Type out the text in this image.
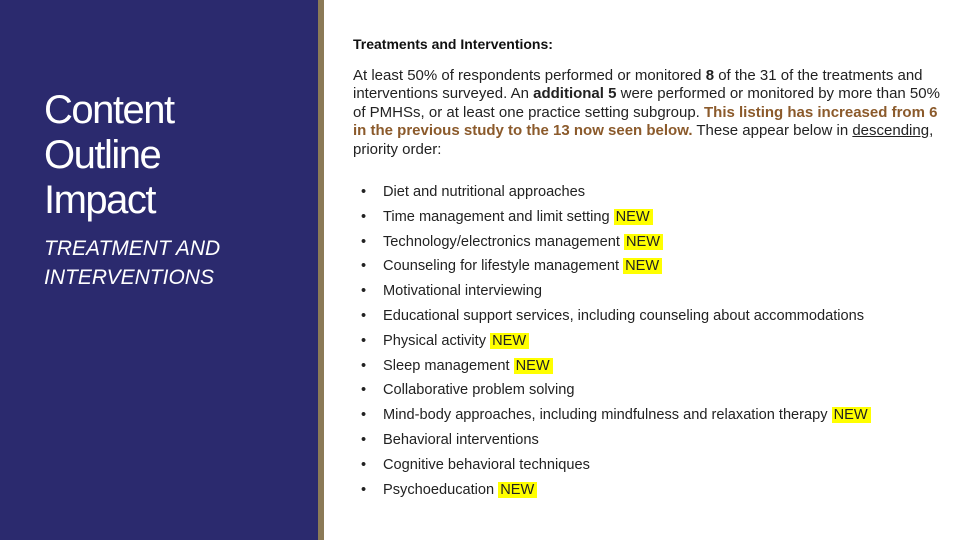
Content
Outline
Impact
TREATMENT AND
INTERVENTIONS
Treatments and Interventions:
At least 50% of respondents performed or monitored 8 of the 31 of the treatments and interventions surveyed. An additional 5 were performed or monitored by more than 50% of PMHSs, or at least one practice setting subgroup. This listing has increased from 6 in the previous study to the 13 now seen below. These appear below in descending, priority order:
• Diet and nutritional approaches
• Time management and limit setting NEW
• Technology/electronics management NEW
• Counseling for lifestyle management NEW
• Motivational interviewing
• Educational support services, including counseling about accommodations
• Physical activity NEW
• Sleep management NEW
• Collaborative problem solving
• Mind-body approaches, including mindfulness and relaxation therapy NEW
• Behavioral interventions
• Cognitive behavioral techniques
• Psychoeducation NEW
